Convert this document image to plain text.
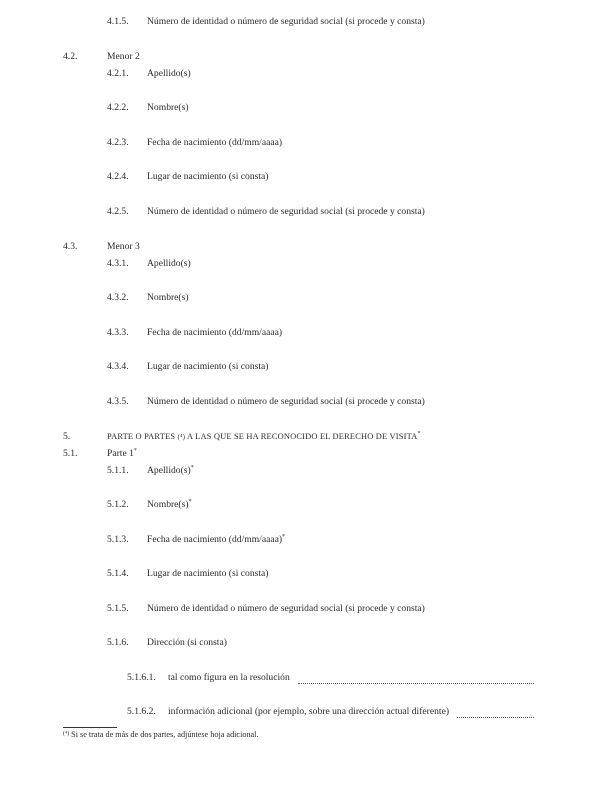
4.1.5. Número de identidad o número de seguridad social (si procede y consta)
4.2.	Menor 2
4.2.1. Apellido(s)
4.2.2. Nombre(s)
4.2.3. Fecha de nacimiento (dd/mm/aaaa)
4.2.4. Lugar de nacimiento (si consta)
4.2.5. Número de identidad o número de seguridad social (si procede y consta)
4.3.	Menor 3
4.3.1. Apellido(s)
4.3.2. Nombre(s)
4.3.3. Fecha de nacimiento (dd/mm/aaaa)
4.3.4. Lugar de nacimiento (si consta)
4.3.5. Número de identidad o número de seguridad social (si procede y consta)
5.	PARTE O PARTES (⁴) A LAS QUE SE HA RECONOCIDO EL DERECHO DE VISITA*
5.1.	Parte 1*
5.1.1. Apellido(s)*
5.1.2. Nombre(s)*
5.1.3. Fecha de nacimiento (dd/mm/aaaa)*
5.1.4. Lugar de nacimiento (si consta)
5.1.5. Número de identidad o número de seguridad social (si procede y consta)
5.1.6. Dirección (si consta)
5.1.6.1. tal como figura en la resolución
5.1.6.2. información adicional (por ejemplo, sobre una dirección actual diferente)
$^{(^4)}$ Si se trata de más de dos partes, adjúntese hoja adicional.
